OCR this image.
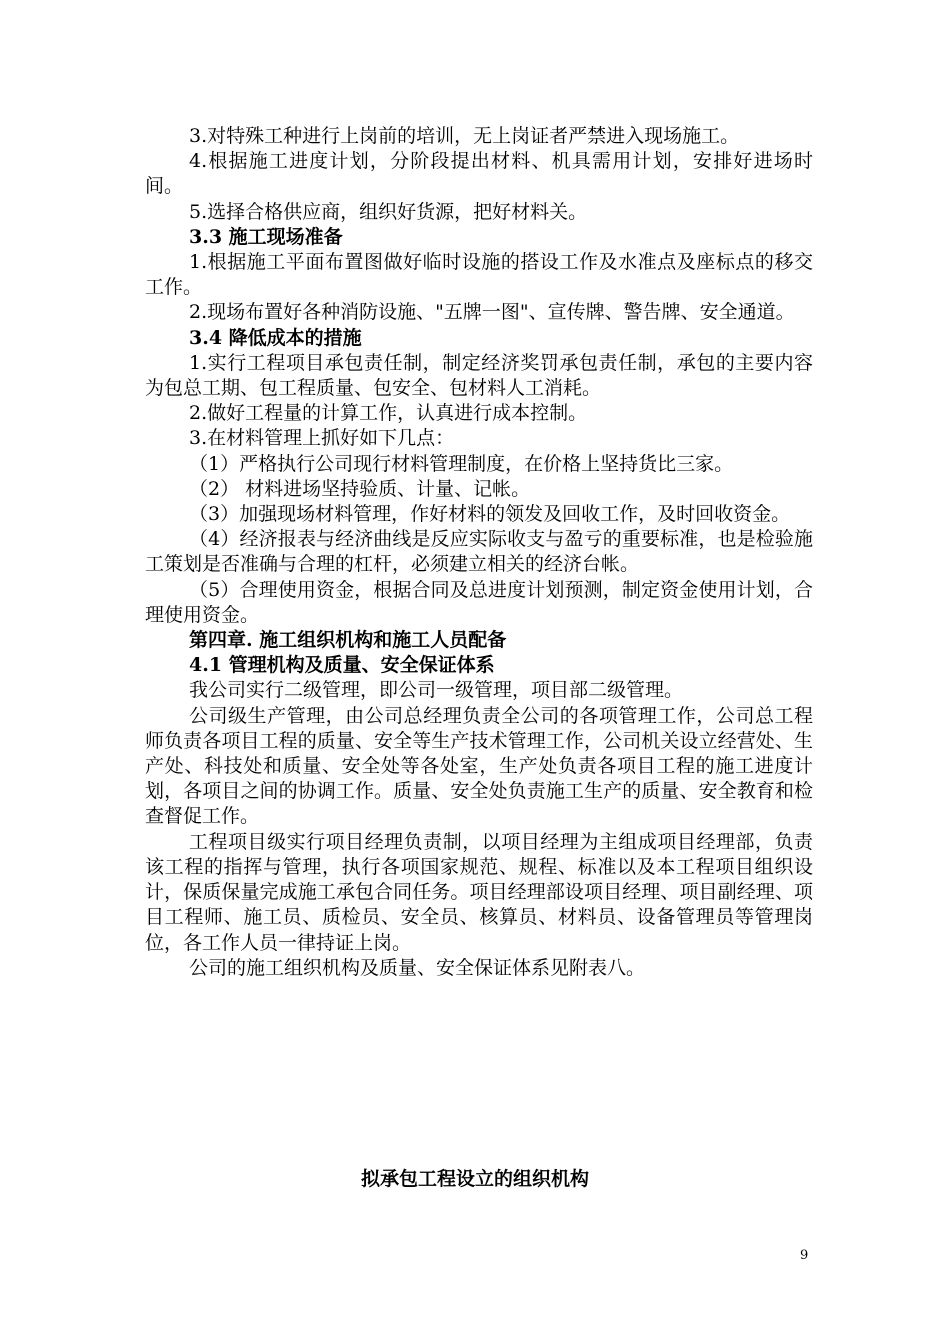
3.对特殊工种进行上岗前的培训，无上岗证者严禁进入现场施工。

4.根据施工进度计划，分阶段提出材料、机具需用计划，安排好进场时间。

5.选择合格供应商，组织好货源，把好材料关。

3.3 施工现场准备

1.根据施工平面布置图做好临时设施的搭设工作及水准点及座标点的移交工作。

2.现场布置好各种消防设施、"五牌一图"、宣传牌、警告牌、安全通道。

3.4 降低成本的措施

1.实行工程项目承包责任制，制定经济奖罚承包责任制，承包的主要内容为包总工期、包工程质量、包安全、包材料人工消耗。

2.做好工程量的计算工作，认真进行成本控制。

3.在材料管理上抓好如下几点：

（1）严格执行公司现行材料管理制度，在价格上坚持货比三家。

（2） 材料进场坚持验质、计量、记帐。

（3）加强现场材料管理，作好材料的领发及回收工作，及时回收资金。

（4）经济报表与经济曲线是反应实际收支与盈亏的重要标准，也是检验施工策划是否准确与合理的杠杆，必须建立相关的经济台帐。

（5）合理使用资金，根据合同及总进度计划预测，制定资金使用计划，合理使用资金。

第四章. 施工组织机构和施工人员配备

4.1 管理机构及质量、安全保证体系

我公司实行二级管理，即公司一级管理，项目部二级管理。

公司级生产管理，由公司总经理负责全公司的各项管理工作，公司总工程师负责各项目工程的质量、安全等生产技术管理工作，公司机关设立经营处、生产处、科技处和质量、安全处等各处室，生产处负责各项目工程的施工进度计划，各项目之间的协调工作。质量、安全处负责施工生产的质量、安全教育和检查督促工作。

工程项目级实行项目经理负责制，以项目经理为主组成项目经理部，负责该工程的指挥与管理，执行各项国家规范、规程、标准以及本工程项目组织设计，保质保量完成施工承包合同任务。项目经理部设项目经理、项目副经理、项目工程师、施工员、质检员、安全员、核算员、材料员、设备管理员等管理岗位，各工作人员一律持证上岗。

公司的施工组织机构及质量、安全保证体系见附表八。

拟承包工程设立的组织机构
9
